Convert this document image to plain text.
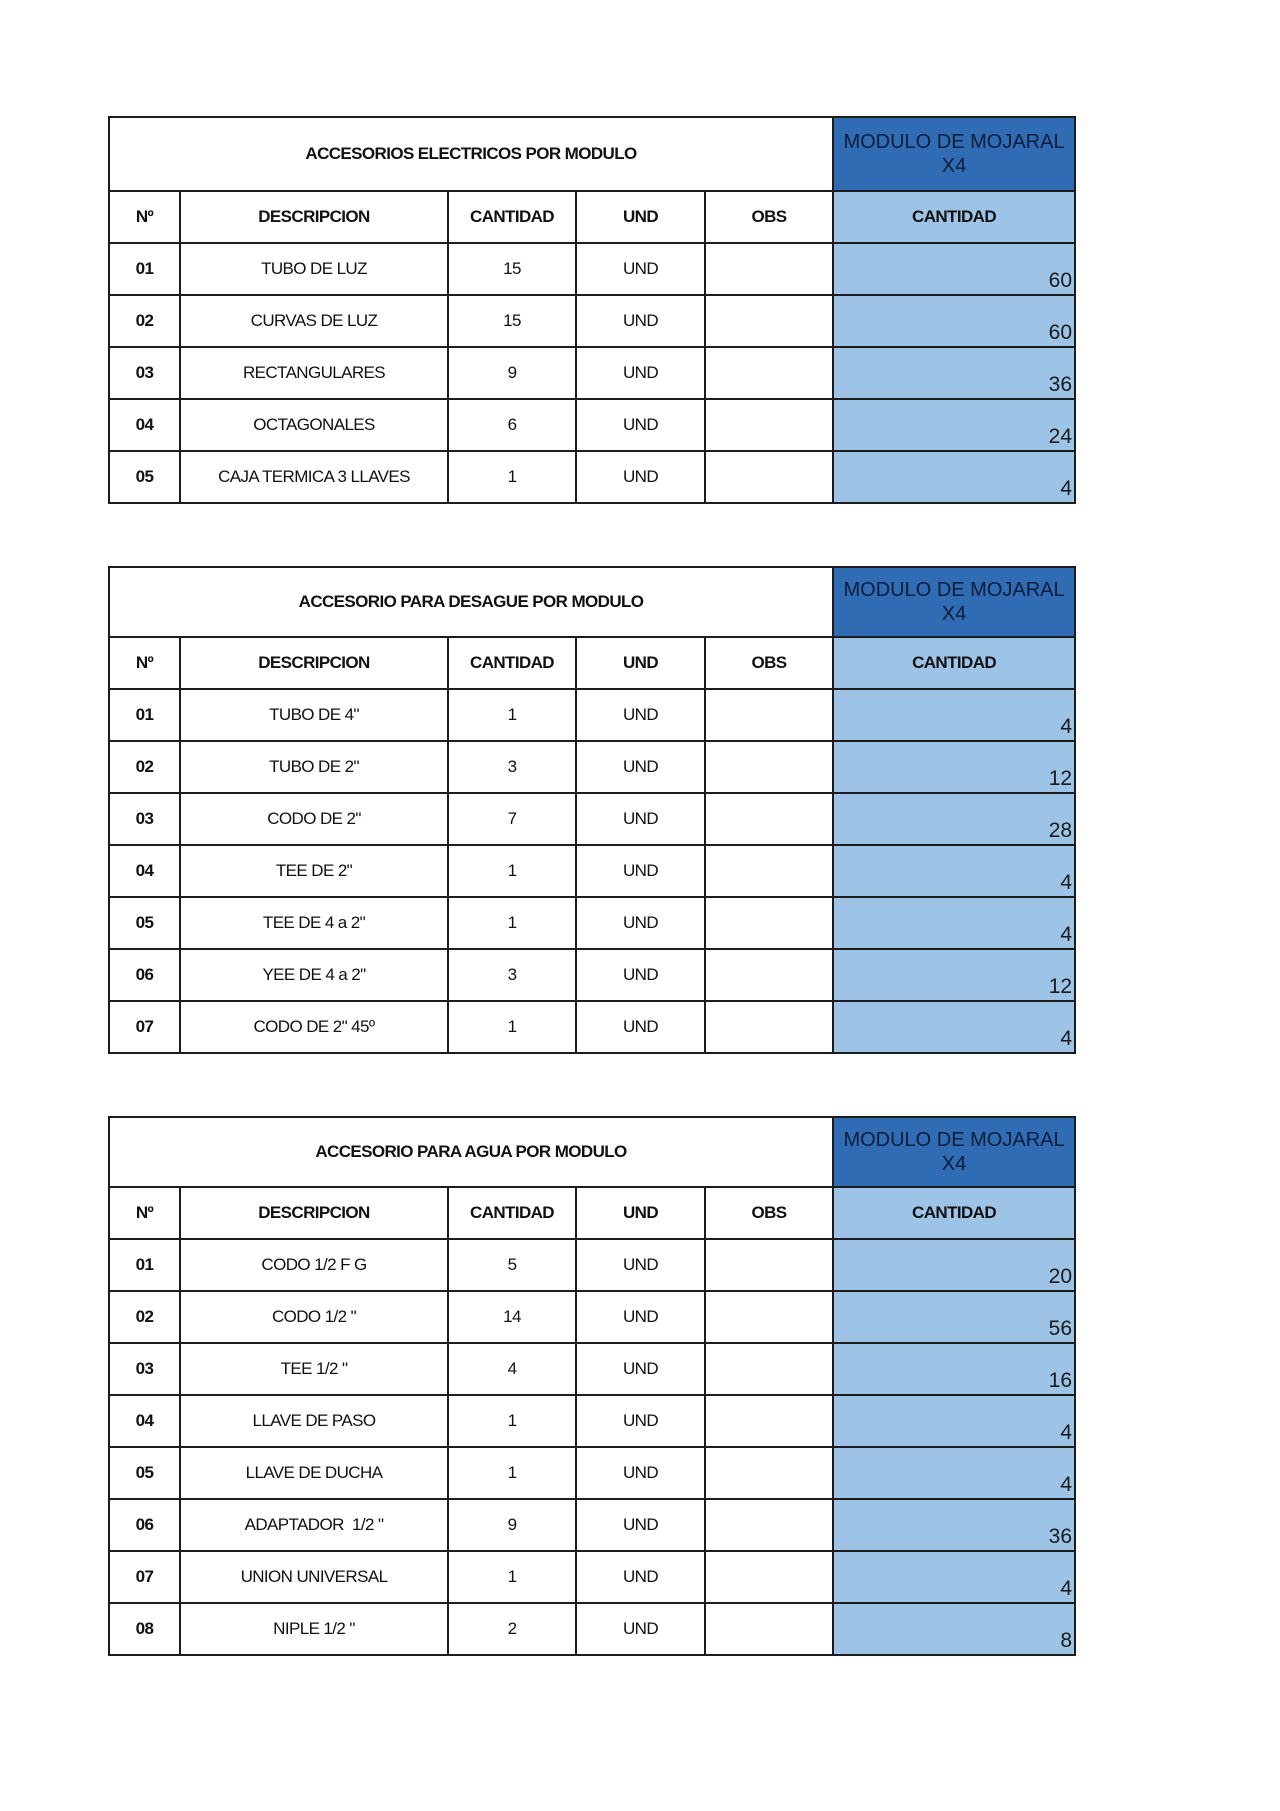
ACCESORIOS ELECTRICOS POR MODULO					MODULO DE MOJARAL
X4

Nº	DESCRIPCION	CANTIDAD	UND	OBS	CANTIDAD
01	TUBO DE LUZ	15	UND		60
02	CURVAS DE LUZ	15	UND		60
03	RECTANGULARES	9	UND		36
04	OCTAGONALES	6	UND		24
05	CAJA TERMICA 3 LLAVES	1	UND		4
ACCESORIO PARA DESAGUE POR MODULO					MODULO DE MOJARAL
X4

Nº	DESCRIPCION	CANTIDAD	UND	OBS	CANTIDAD
01	TUBO DE 4"	1	UND		4
02	TUBO DE 2"	3	UND		12
03	CODO DE 2"	7	UND		28
04	TEE DE 2"	1	UND		4
05	TEE DE 4 a 2"	1	UND		4
06	YEE DE 4 a 2"	3	UND		12
07	CODO DE 2" 45º	1	UND		4
ACCESORIO PARA AGUA POR MODULO					MODULO DE MOJARAL
X4

Nº	DESCRIPCION	CANTIDAD	UND	OBS	CANTIDAD
01	CODO 1/2 F G	5	UND		20
02	CODO 1/2 "	14	UND		56
03	TEE 1/2 "	4	UND		16
04	LLAVE DE PASO	1	UND		4
05	LLAVE DE DUCHA	1	UND		4
06	ADAPTADOR  1/2 "	9	UND		36
07	UNION UNIVERSAL	1	UND		4
08	NIPLE 1/2 "	2	UND		8
